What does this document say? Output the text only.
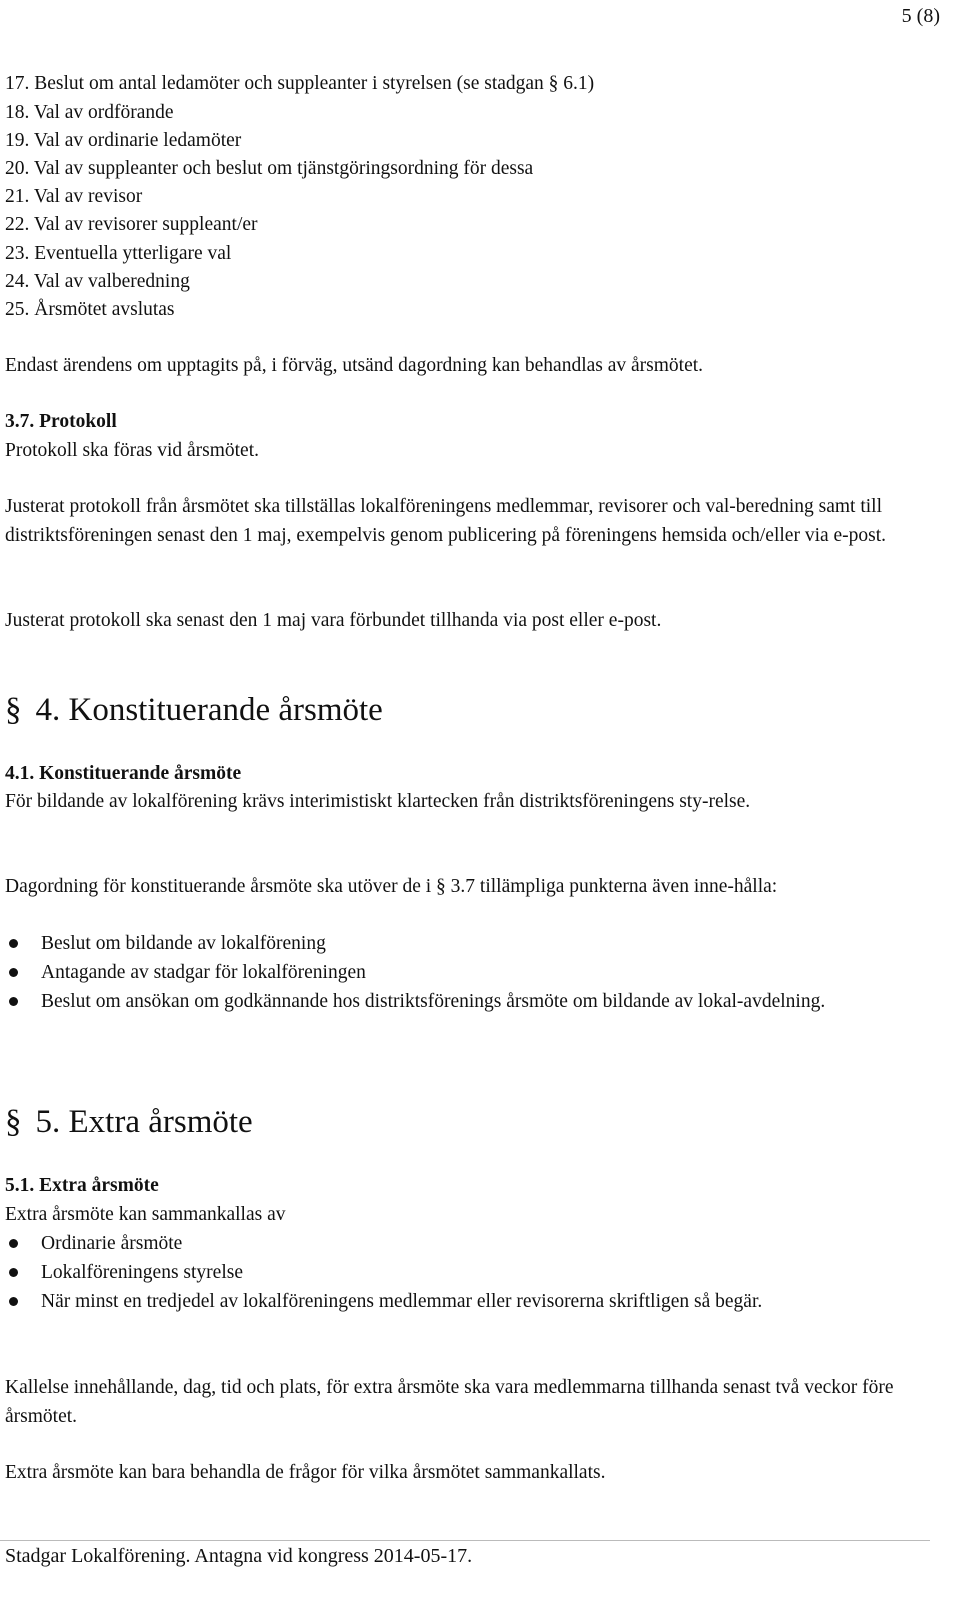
5 (8)
17. Beslut om antal ledamöter och suppleanter i styrelsen (se stadgan § 6.1)
18. Val av ordförande
19. Val av ordinarie ledamöter
20. Val av suppleanter och beslut om tjänstgöringsordning för dessa
21. Val av revisor
22. Val av revisorer suppleant/er
23. Eventuella ytterligare val
24. Val av valberedning
25. Årsmötet avslutas
Endast ärendens om upptagits på, i förväg, utsänd dagordning kan behandlas av årsmötet.
3.7. Protokoll
Protokoll ska föras vid årsmötet.
Justerat protokoll från årsmötet ska tillställas lokalföreningens medlemmar, revisorer och val-beredning samt till distriktsföreningen senast den 1 maj, exempelvis genom publicering på föreningens hemsida och/eller via e-post.
Justerat protokoll ska senast den 1 maj vara förbundet tillhanda via post eller e-post.
§ 4. Konstituerande årsmöte
4.1. Konstituerande årsmöte
För bildande av lokalförening krävs interimistiskt klartecken från distriktsföreningens sty-relse.
Dagordning för konstituerande årsmöte ska utöver de i § 3.7 tillämpliga punkterna även inne-hålla:
Beslut om bildande av lokalförening
Antagande av stadgar för lokalföreningen
Beslut om ansökan om godkännande hos distriktsförenings årsmöte om bildande av lokal-avdelning.
§ 5. Extra årsmöte
5.1. Extra årsmöte
Extra årsmöte kan sammankallas av
Ordinarie årsmöte
Lokalföreningens styrelse
När minst en tredjedel av lokalföreningens medlemmar eller revisorerna skriftligen så begär.
Kallelse innehållande, dag, tid och plats, för extra årsmöte ska vara medlemmarna tillhanda senast två veckor före årsmötet.
Extra årsmöte kan bara behandla de frågor för vilka årsmötet sammankallats.
Stadgar Lokalförening. Antagna vid kongress 2014-05-17.
